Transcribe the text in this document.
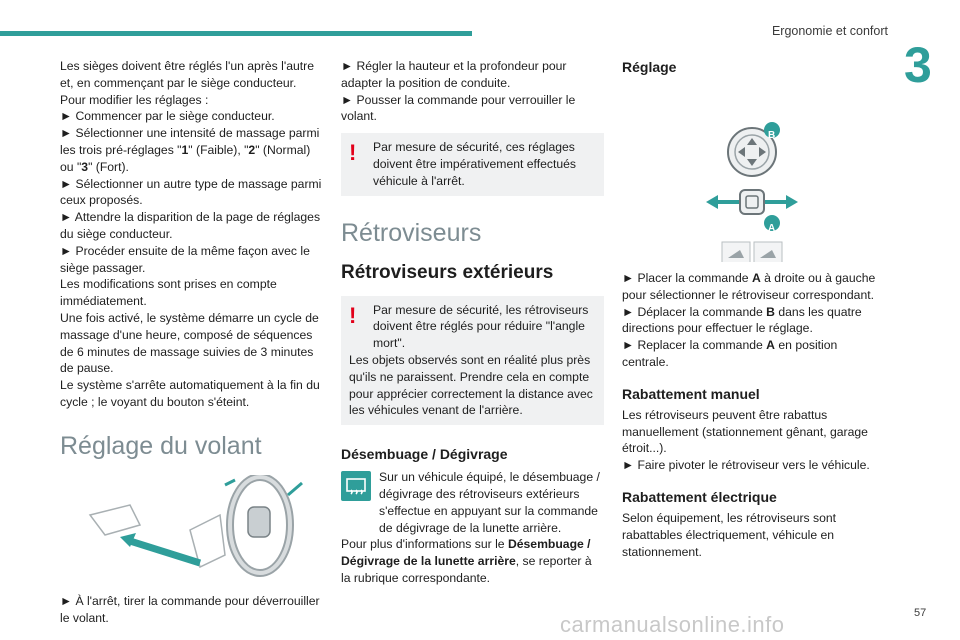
Ergonomie et confort
3
57

Les sièges doivent être réglés l'un après l'autre et, en commençant par le siège conducteur.

Pour modifier les réglages :

► Commencer par le siège conducteur.

► Sélectionner une intensité de massage parmi les trois pré-réglages "1" (Faible), "2" (Normal) ou "3" (Fort).

► Sélectionner un autre type de massage parmi ceux proposés.

► Attendre la disparition de la page de réglages du siège conducteur.

► Procéder ensuite de la même façon avec le siège passager.

Les modifications sont prises en compte immédiatement.

Une fois activé, le système démarre un cycle de massage d'une heure, composé de séquences de 6 minutes de massage suivies de 3 minutes de pause.

Le système s'arrête automatiquement à la fin du cycle ; le voyant du bouton s'éteint.

Réglage du volant

► À l'arrêt, tirer la commande pour déverrouiller le volant.

► Régler la hauteur et la profondeur pour adapter la position de conduite.

► Pousser la commande pour verrouiller le volant.

!	Par mesure de sécurité, ces réglages doivent être impérativement effectués véhicule à l'arrêt.

Rétroviseurs
Rétroviseurs extérieurs
!	Par mesure de sécurité, les rétroviseurs doivent être réglés pour réduire "l'angle mort".

Les objets observés sont en réalité plus près qu'ils ne paraissent. Prendre cela en compte pour apprécier correctement la distance avec les véhicules venant de l'arrière.

Désembuage / Dégivrage

Sur un véhicule équipé, le désembuage / dégivrage des rétroviseurs extérieurs s'effectue en appuyant sur la commande de dégivrage de la lunette arrière.

Pour plus d'informations sur le Désembuage / Dégivrage de la lunette arrière, se reporter à la rubrique correspondante.

Réglage
B
A

► Placer la commande A à droite ou à gauche pour sélectionner le rétroviseur correspondant.

► Déplacer la commande B dans les quatre directions pour effectuer le réglage.

► Replacer la commande A en position centrale.

Rabattement manuel

Les rétroviseurs peuvent être rabattus manuellement (stationnement gênant, garage étroit...).

► Faire pivoter le rétroviseur vers le véhicule.

Rabattement électrique

Selon équipement, les rétroviseurs sont rabattables électriquement, véhicule en stationnement.

carmanualsonline.info
